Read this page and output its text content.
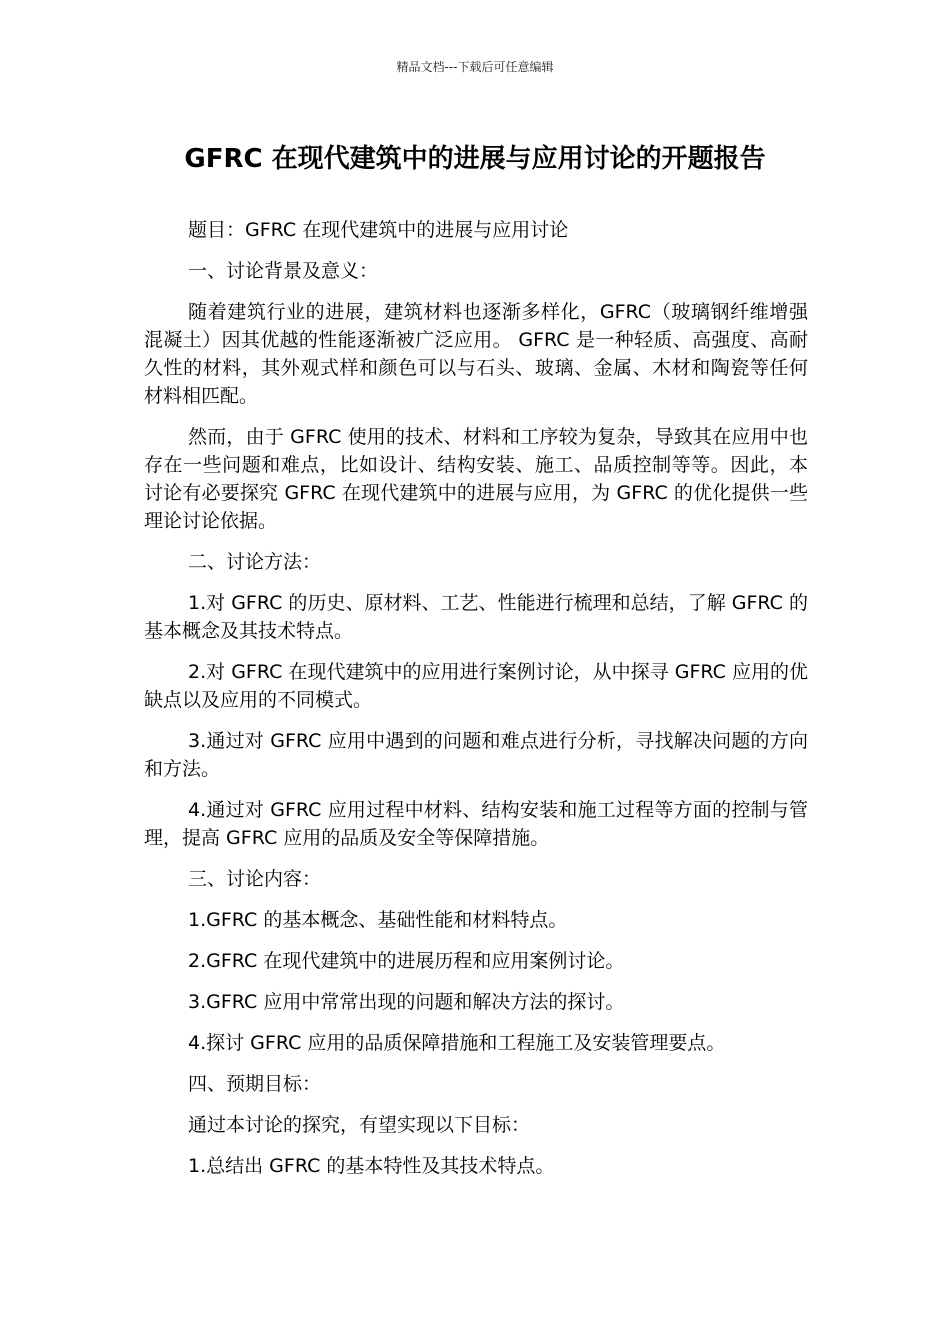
精品文档---下载后可任意编辑
GFRC 在现代建筑中的进展与应用讨论的开题报告

题目：GFRC 在现代建筑中的进展与应用讨论

一、讨论背景及意义：

随着建筑行业的进展，建筑材料也逐渐多样化，GFRC（玻璃钢纤维增强混凝土）因其优越的性能逐渐被广泛应用。 GFRC 是一种轻质、高强度、高耐久性的材料，其外观式样和颜色可以与石头、玻璃、金属、木材和陶瓷等任何材料相匹配。

然而，由于 GFRC 使用的技术、材料和工序较为复杂，导致其在应用中也存在一些问题和难点，比如设计、结构安装、施工、品质控制等等。因此，本讨论有必要探究 GFRC 在现代建筑中的进展与应用，为 GFRC 的优化提供一些理论讨论依据。

二、讨论方法：

1.对 GFRC 的历史、原材料、工艺、性能进行梳理和总结，了解 GFRC 的基本概念及其技术特点。

2.对 GFRC 在现代建筑中的应用进行案例讨论，从中探寻 GFRC 应用的优缺点以及应用的不同模式。

3.通过对 GFRC 应用中遇到的问题和难点进行分析，寻找解决问题的方向和方法。

4.通过对 GFRC 应用过程中材料、结构安装和施工过程等方面的控制与管理，提高 GFRC 应用的品质及安全等保障措施。

三、讨论内容：

1.GFRC 的基本概念、基础性能和材料特点。

2.GFRC 在现代建筑中的进展历程和应用案例讨论。

3.GFRC 应用中常常出现的问题和解决方法的探讨。

4.探讨 GFRC 应用的品质保障措施和工程施工及安装管理要点。

四、预期目标：

通过本讨论的探究，有望实现以下目标：

1.总结出 GFRC 的基本特性及其技术特点。
